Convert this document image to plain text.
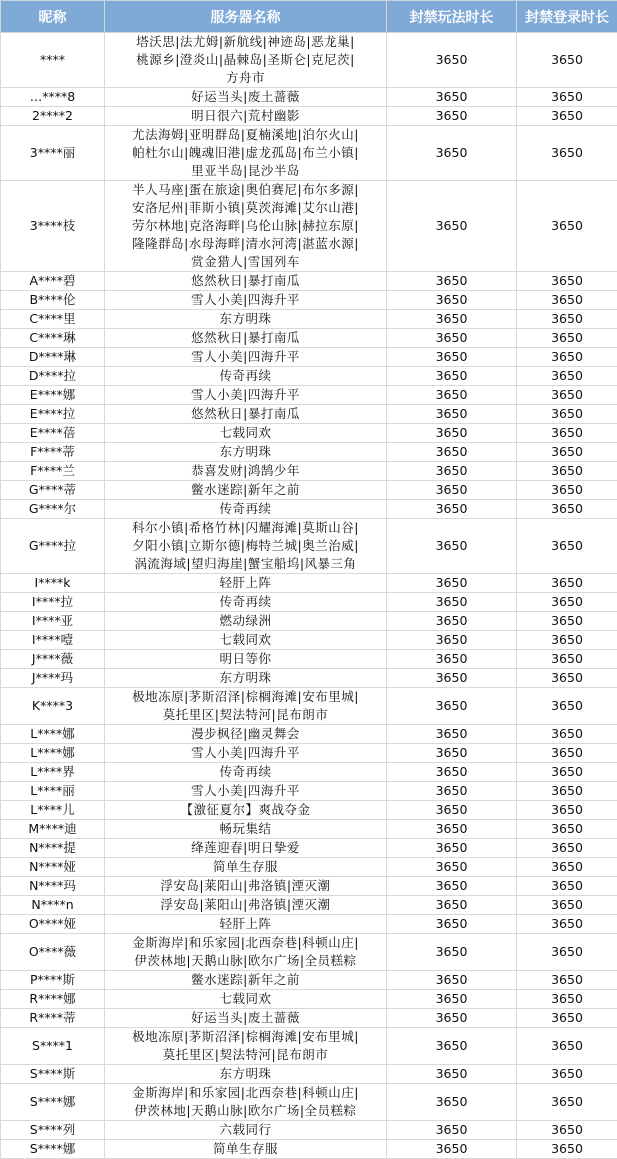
昵称	服务器名称	封禁玩法时长	封禁登录时长
****	塔沃思|法尤姆|新航线|神迹岛|恶龙巢|
桃源乡|澄炎山|晶棘岛|圣斯仑|克尼茨|
方舟市	3650	3650
…****8	好运当头|废土蔷薇	3650	3650
2****2	明日很六|荒村幽影	3650	3650
3****丽	尤法海姆|亚明群岛|夏楠溪地|泊尔火山|
帕杜尔山|魄魂旧港|虚龙孤岛|布兰小镇|
里亚半岛|昆沙半岛	3650	3650
3****枝	半人马座|蛋在旅途|奥伯赛尼|布尔多源|
安洛尼州|菲斯小镇|莫茨海滩|艾尔山港|
劳尔林地|克洛海畔|乌伦山脉|赫拉东原|
隆隆群岛|水母海畔|清水河湾|湛蓝水源|
赏金猎人|雪国列车	3650	3650
A****碧	悠然秋日|暴打南瓜	3650	3650
B****伦	雪人小美|四海升平	3650	3650
C****里	东方明珠	3650	3650
C****琳	悠然秋日|暴打南瓜	3650	3650
D****琳	雪人小美|四海升平	3650	3650
D****拉	传奇再续	3650	3650
E****娜	雪人小美|四海升平	3650	3650
E****拉	悠然秋日|暴打南瓜	3650	3650
E****蓓	七载同欢	3650	3650
F****蒂	东方明珠	3650	3650
F****兰	恭喜发财|鸿鹄少年	3650	3650
G****蒂	鳖水迷踪|新年之前	3650	3650
G****尔	传奇再续	3650	3650
G****拉	科尔小镇|希格竹林|闪耀海滩|莫斯山谷|
夕阳小镇|立斯尔德|梅特兰城|奥兰治威|
涡流海域|望归海崖|蟹宝船坞|风暴三角	3650	3650
I****k	轻肝上阵	3650	3650
I****拉	传奇再续	3650	3650
I****亚	燃动绿洲	3650	3650
I****噎	七载同欢	3650	3650
J****薇	明日等你	3650	3650
J****玛	东方明珠	3650	3650
K****3	极地冻原|茅斯沼泽|棕榈海滩|安布里城|
莫托里区|契法特河|昆布朗市	3650	3650
L****娜	漫步枫径|幽灵舞会	3650	3650
L****娜	雪人小美|四海升平	3650	3650
L****界	传奇再续	3650	3650
L****丽	雪人小美|四海升平	3650	3650
L****儿	【激征夏尔】爽战夺金	3650	3650
M****迪	畅玩集结	3650	3650
N****提	绛莲迎春|明日挚爱	3650	3650
N****娅	简单生存服	3650	3650
N****玛	浮安岛|莱阳山|弗洛镇|湮灭潮	3650	3650
N****n	浮安岛|莱阳山|弗洛镇|湮灭潮	3650	3650
O****娅	轻肝上阵	3650	3650
O****薇	金斯海岸|和乐家园|北西奈巷|科顿山庄|
伊茨林地|天鹅山脉|欧尔广场|全员糕粽	3650	3650
P****斯	鳖水迷踪|新年之前	3650	3650
R****娜	七载同欢	3650	3650
R****蒂	好运当头|废土蔷薇	3650	3650
S****1	极地冻原|茅斯沼泽|棕榈海滩|安布里城|
莫托里区|契法特河|昆布朗市	3650	3650
S****斯	东方明珠	3650	3650
S****娜	金斯海岸|和乐家园|北西奈巷|科顿山庄|
伊茨林地|天鹅山脉|欧尔广场|全员糕粽	3650	3650
S****列	六载同行	3650	3650
S****娜	简单生存服	3650	3650
